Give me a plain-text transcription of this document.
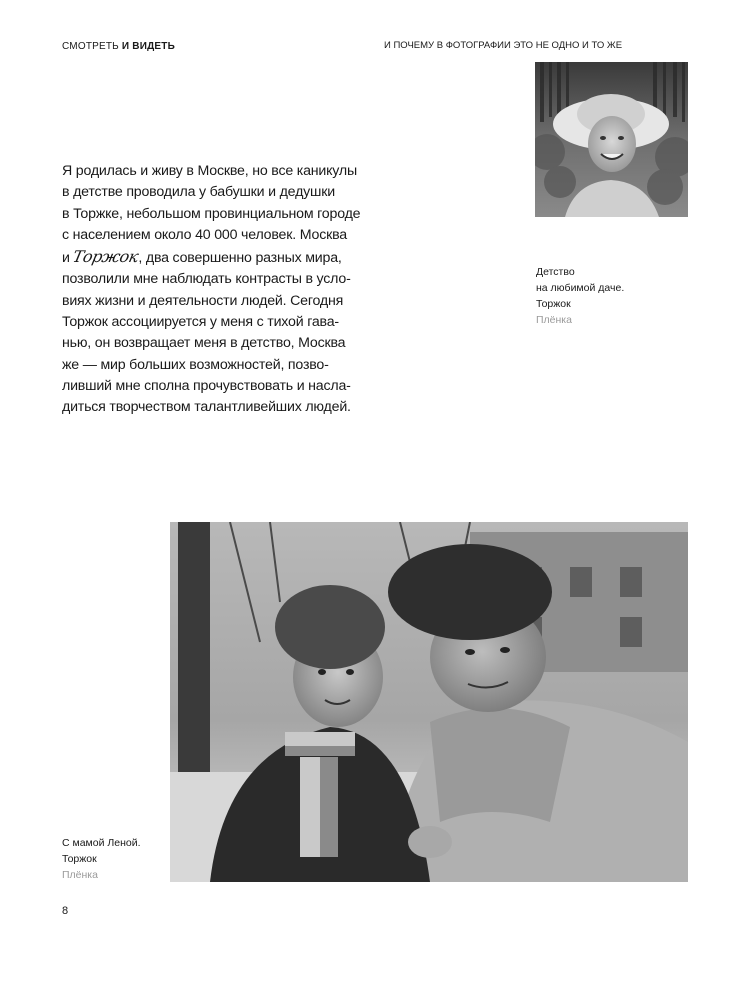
СМОТРЕТЬ И ВИДЕТЬ	И ПОЧЕМУ В ФОТОГРАФИИ ЭТО НЕ ОДНО И ТО ЖЕ
Детство
на любимой даче.
Торжок
Плёнка
Я родилась и живу в Москве, но все каникулы
в детстве проводила у бабушки и дедушки
в Торжке, небольшом провинциальном городе
с населением около 40 000 человек. Москва
и Торжок, два совершенно разных мира,
позволили мне наблюдать контрасты в усло-
виях жизни и деятельности людей. Сегодня
Торжок ассоциируется у меня с тихой гава-
нью, он возвращает меня в детство, Москва
же — мир больших возможностей, позво-
ливший мне сполна прочувствовать и насла-
диться творчеством талантливейших людей.
С мамой Леной.
Торжок
Плёнка
8
